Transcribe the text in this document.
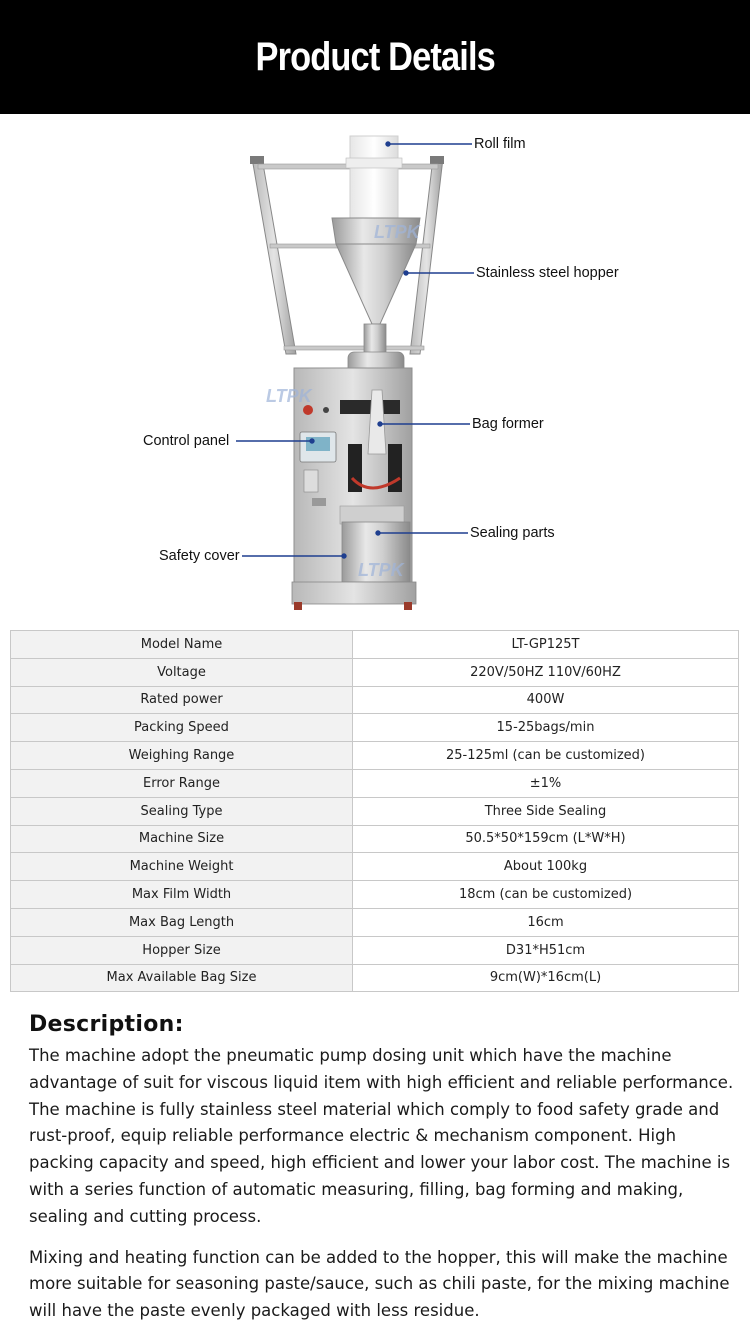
Product Details
LTPK
LTPK
LTPK
Roll film
Stainless steel hopper
Bag former
Control panel
Sealing parts
Safety cover
Model Name	LT-GP125T
Voltage	220V/50HZ 110V/60HZ
Rated power	400W
Packing Speed	15-25bags/min
Weighing Range	25-125ml (can be customized)
Error Range	±1%
Sealing Type	Three Side Sealing
Machine Size	50.5*50*159cm (L*W*H)
Machine Weight	About 100kg
Max Film Width	18cm (can be customized)
Max Bag Length	16cm
Hopper Size	D31*H51cm
Max Available Bag Size	9cm(W)*16cm(L)
Description:

The machine adopt the pneumatic pump dosing unit which have the machine advantage of suit for viscous liquid item with high efficient and reliable performance. The machine is fully stainless steel material which comply to food safety grade and rust-proof, equip reliable performance electric & mechanism component. High packing capacity and speed, high efficient and lower your labor cost. The machine is with a series function of automatic measuring, filling, bag forming and making, sealing and cutting process.

Mixing and heating function can be added to the hopper, this will make the machine more suitable for seasoning paste/sauce, such as chili paste, for the mixing machine will have the paste evenly packaged with less residue.
